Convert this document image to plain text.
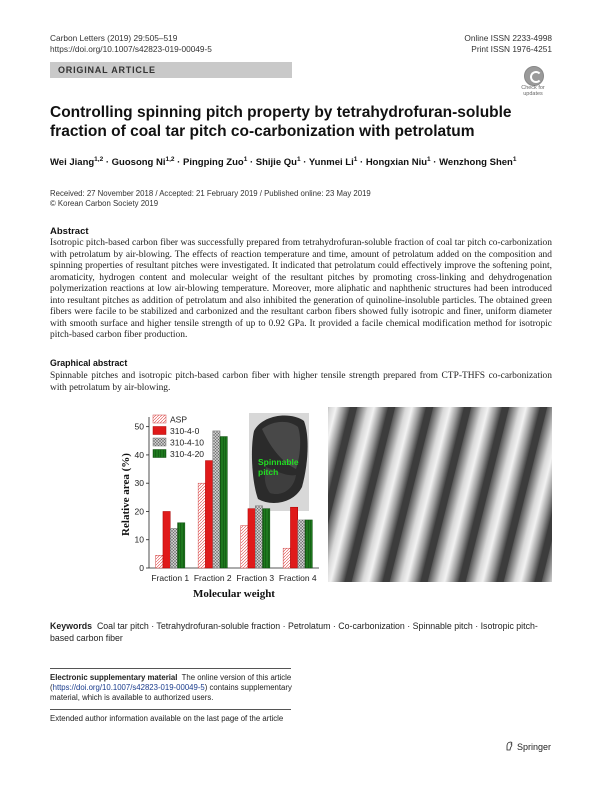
Carbon Letters (2019) 29:505–519
https://doi.org/10.1007/s42823-019-00049-5
Online ISSN 2233-4998
Print ISSN 1976-4251
ORIGINAL ARTICLE
Check for updates
Controlling spinning pitch property by tetrahydrofuran-soluble fraction of coal tar pitch co-carbonization with petrolatum
Wei Jiang$^{1,2}$ · Guosong Ni$^{1,2}$ · Pingping Zuo$^1$ · Shijie $Qu^1$ · Yunmei $Li^1$ · Hongxian Niu$^1$ · Wenzhong Shen$^1$
Received: 27 November 2018 / Accepted: 21 February 2019 / Published online: 23 May 2019
© Korean Carbon Society 2019
Abstract
Isotropic pitch-based carbon fiber was successfully prepared from tetrahydrofuran-soluble fraction of coal tar pitch co-carbonization with petrolatum by air-blowing. The effects of reaction temperature and time, amount of petrolatum added on the composition and spinning properties of resultant pitches were investigated. It indicated that petrolatum could effectively improve the softening point, aromaticity, hydrogen content and molecular weight of the resultant pitches by promoting cross-linking and dehydrogenation polymerization reactions at low air-blowing temperature. Moreover, more aliphatic and naphthenic structures had been introduced into resultant pitches as addition of petrolatum and also inhibited the generation of quinoline-insoluble particles. The obtained green fibers were facile to be stabilized and carbonized and the resultant carbon fibers showed fully isotropic and finer, uniform diameter with smooth surface and higher tensile strength of up to 0.92 GPa. It provided a facile chemical modification method for isotropic pitch-based carbon fiber production.
Graphical abstract
Spinnable pitches and isotropic pitch-based carbon fiber with higher tensile strength prepared from CTP-THFS co-carbonization with petrolatum by air-blowing.
Spinnable
pitch
0
10
20
30
40
50
Relative area (%)
Molecular weight
Fraction 1 Fraction 2 Fraction 3 Fraction 4
ASP
310-4-0
310-4-10
310-4-20
Keywords Coal tar pitch · Tetrahydrofuran-soluble fraction · Petrolatum · Co-carbonization · Spinnable pitch · Isotropic pitch-based carbon fiber
Electronic supplementary material The online version of this article (https://doi.org/10.1007/s42823-019-00049-5) contains supplementary material, which is available to authorized users.
Extended author information available on the last page of the article
Springer
